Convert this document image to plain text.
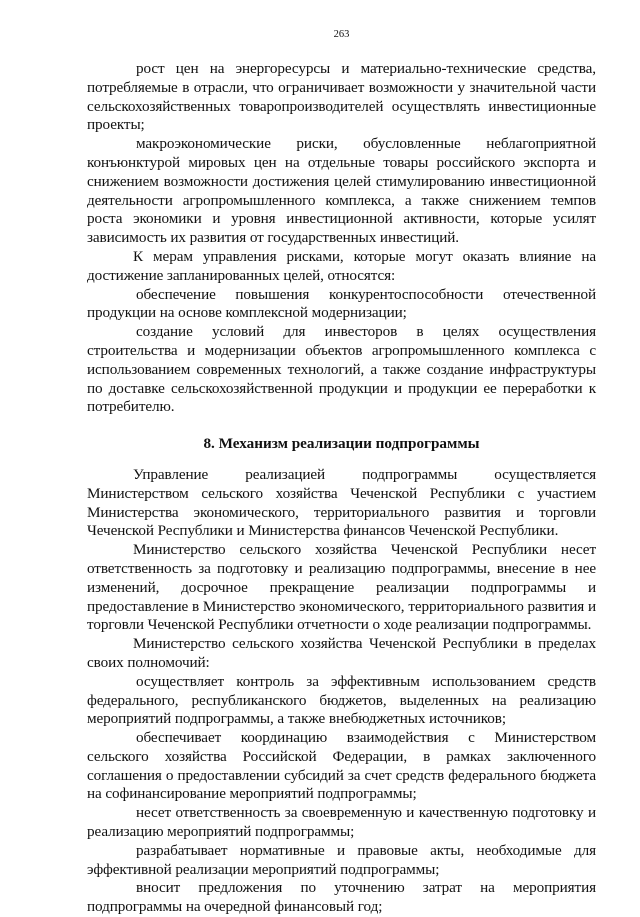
263

рост цен на энергоресурсы и материально-технические средства, потребляемые в отрасли, что ограничивает возможности у значительной части сельскохозяйственных товаропроизводителей осуществлять инвестиционные проекты;

макроэкономические риски, обусловленные неблагоприятной конъюнктурой мировых цен на отдельные товары российского экспорта и снижением возможности достижения целей стимулированию инвестиционной деятельности агропромышленного комплекса, а также снижением темпов роста экономики и уровня инвестиционной активности, которые усилят зависимость их развития от государственных инвестиций.

К мерам управления рисками, которые могут оказать влияние на достижение запланированных целей, относятся:

обеспечение повышения конкурентоспособности отечественной продукции на основе комплексной модернизации;

создание условий для инвесторов в целях осуществления строительства и модернизации объектов агропромышленного комплекса с использованием современных технологий, а также создание инфраструктуры по доставке сельскохозяйственной продукции и продукции ее переработки к потребителю.

8. Механизм реализации подпрограммы

Управление реализацией подпрограммы осуществляется Министерством сельского хозяйства Чеченской Республики с участием Министерства экономического, территориального развития и торговли Чеченской Республики и Министерства финансов Чеченской Республики.

Министерство сельского хозяйства Чеченской Республики несет ответственность за подготовку и реализацию подпрограммы, внесение в нее изменений, досрочное прекращение реализации подпрограммы и предоставление в Министерство экономического, территориального развития и торговли Чеченской Республики отчетности о ходе реализации подпрограммы.

Министерство сельского хозяйства Чеченской Республики в пределах своих полномочий:

осуществляет контроль за эффективным использованием средств федерального, республиканского бюджетов, выделенных на реализацию мероприятий подпрограммы, а также внебюджетных источников;

обеспечивает координацию взаимодействия с Министерством сельского хозяйства Российской Федерации, в рамках заключенного соглашения о предоставлении субсидий за счет средств федерального бюджета на софинансирование мероприятий подпрограммы;

несет ответственность за своевременную и качественную подготовку и реализацию мероприятий подпрограммы;

разрабатывает нормативные и правовые акты, необходимые для эффективной реализации мероприятий подпрограммы;

вносит предложения по уточнению затрат на мероприятия подпрограммы на очередной финансовый год;
